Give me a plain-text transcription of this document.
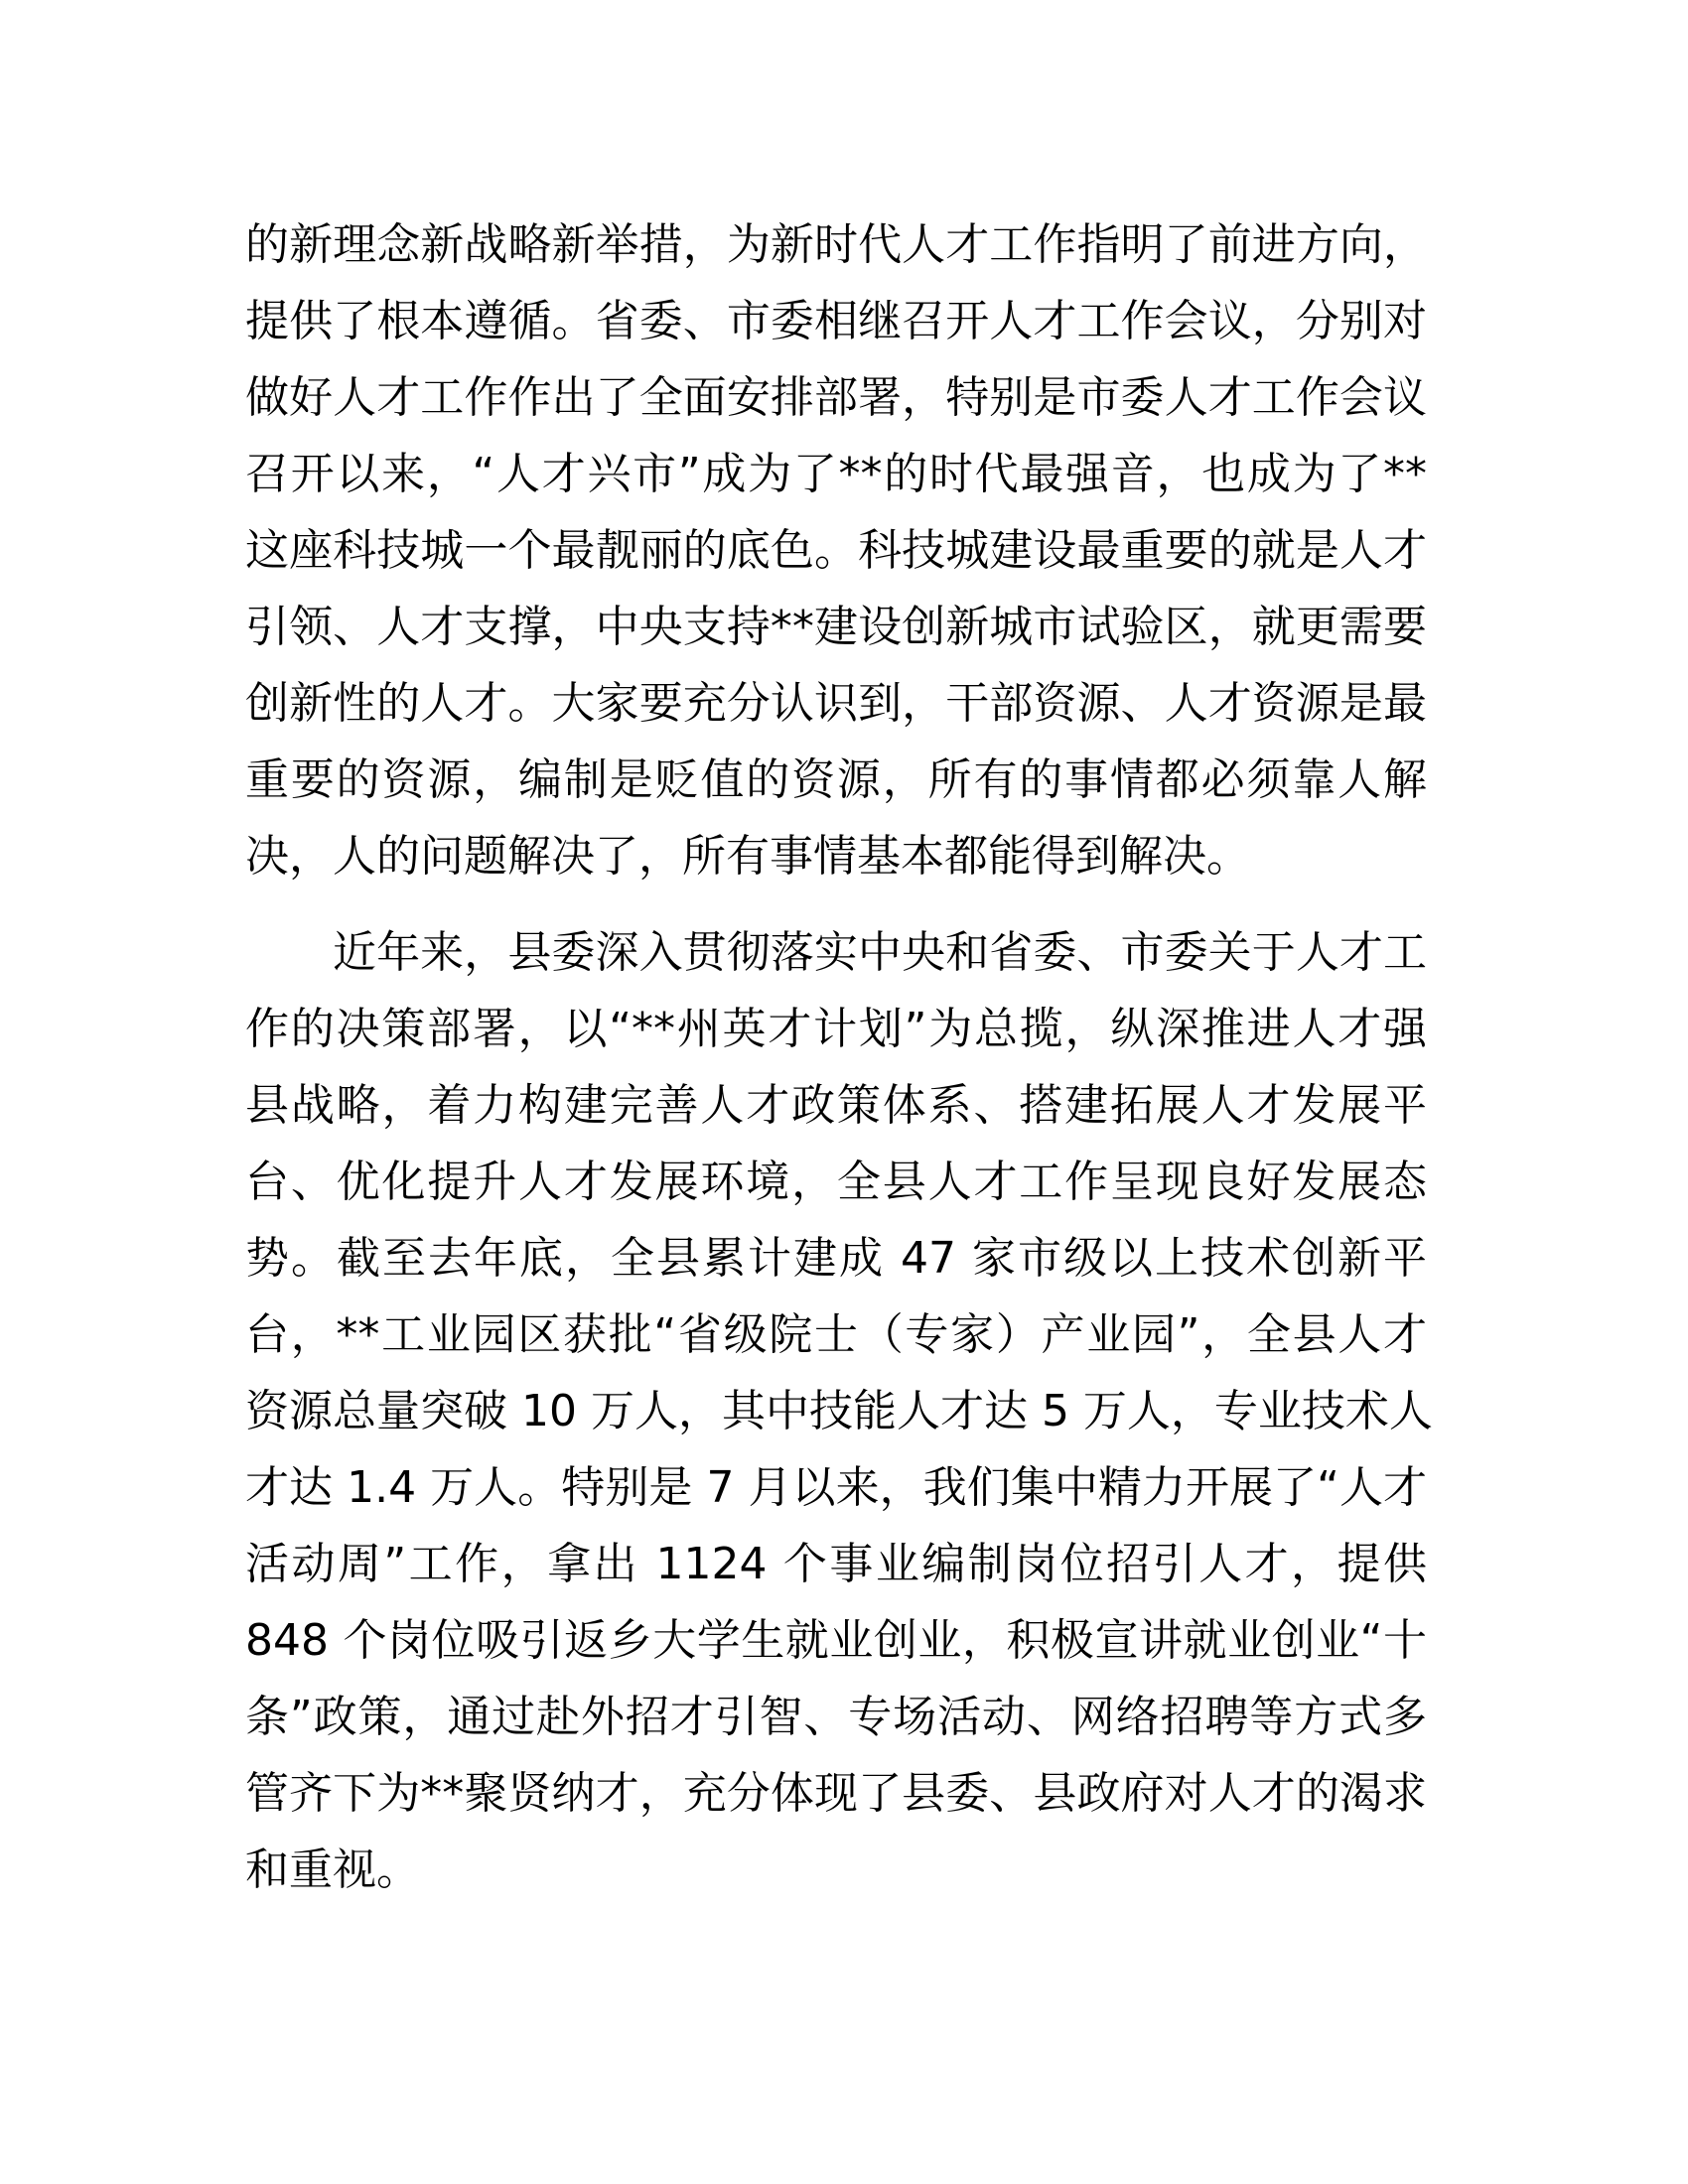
的新理念新战略新举措，为新时代人才工作指明了前进方向，
提供了根本遵循。省委、市委相继召开人才工作会议，分别对
做好人才工作作出了全面安排部署，特别是市委人才工作会议
召开以来，“人才兴市”成为了**的时代最强音，也成为了**
这座科技城一个最靓丽的底色。科技城建设最重要的就是人才
引领、人才支撑，中央支持**建设创新城市试验区，就更需要
创新性的人才。大家要充分认识到，干部资源、人才资源是最
重要的资源，编制是贬值的资源，所有的事情都必须靠人解
决，人的问题解决了，所有事情基本都能得到解决。
近年来，县委深入贯彻落实中央和省委、市委关于人才工
作的决策部署，以“**州英才计划”为总揽，纵深推进人才强
县战略，着力构建完善人才政策体系、搭建拓展人才发展平
台、优化提升人才发展环境，全县人才工作呈现良好发展态
势。截至去年底，全县累计建成 47 家市级以上技术创新平
台，**工业园区获批“省级院士（专家）产业园”，全县人才
资源总量突破 10 万人，其中技能人才达 5 万人，专业技术人
才达 1.4 万人。特别是 7 月以来，我们集中精力开展了“人才
活动周”工作，拿出 1124 个事业编制岗位招引人才，提供
848 个岗位吸引返乡大学生就业创业，积极宣讲就业创业“十
条”政策，通过赴外招才引智、专场活动、网络招聘等方式多
管齐下为**聚贤纳才，充分体现了县委、县政府对人才的渴求
和重视。
